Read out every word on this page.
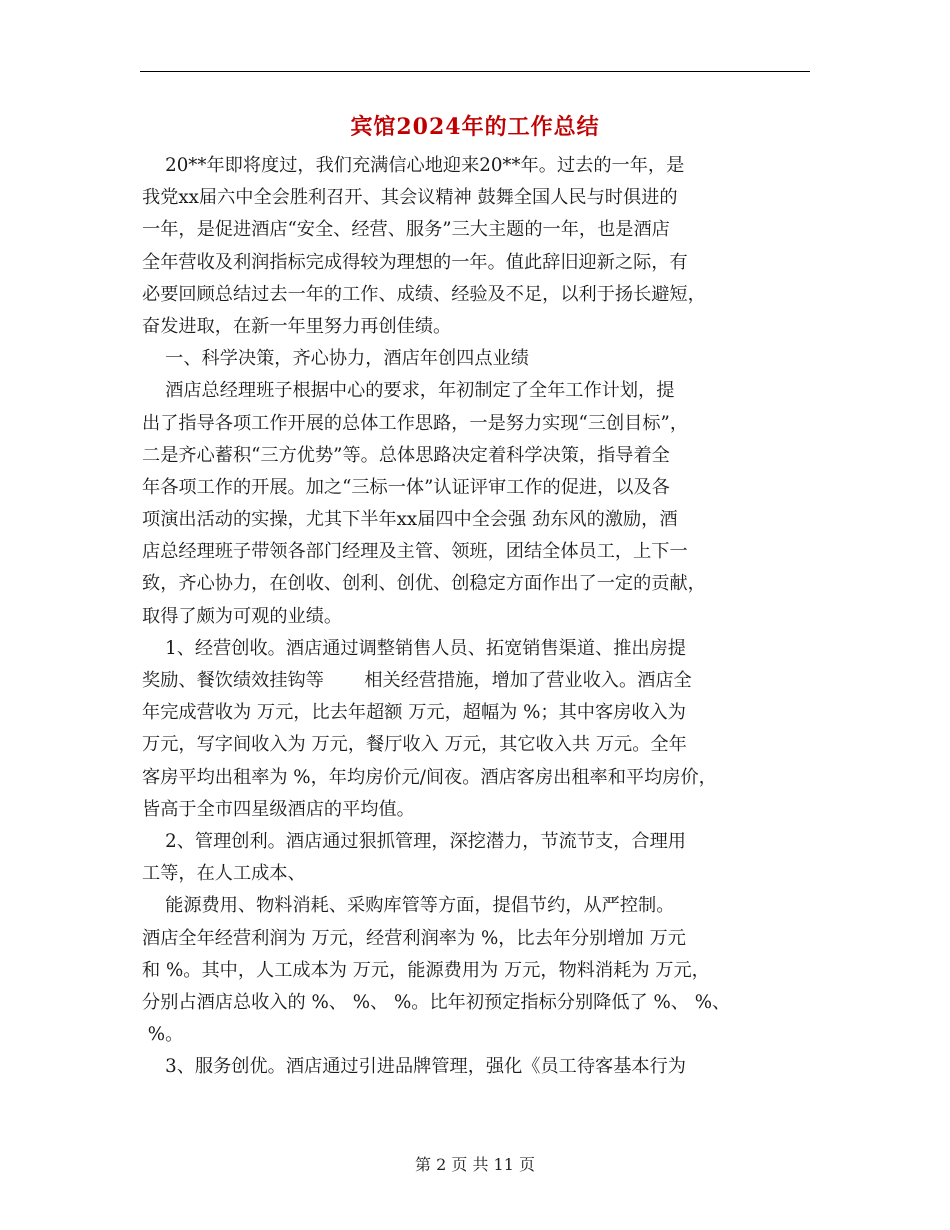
宾馆2024年的工作总结
20**年即将度过，我们充满信心地迎来20**年。过去的一年，是
我党xx届六中全会胜利召开、其会议精神 鼓舞全国人民与时俱进的
一年，是促进酒店“安全、经营、服务”三大主题的一年，也是酒店
全年营收及利润指标完成得较为理想的一年。值此辞旧迎新之际，有
必要回顾总结过去一年的工作、成绩、经验及不足，以利于扬长避短，
奋发进取，在新一年里努力再创佳绩。
一、科学决策，齐心协力，酒店年创四点业绩
酒店总经理班子根据中心的要求，年初制定了全年工作计划，提
出了指导各项工作开展的总体工作思路，一是努力实现“三创目标”，
二是齐心蓄积“三方优势”等。总体思路决定着科学决策，指导着全
年各项工作的开展。加之“三标一体”认证评审工作的促进，以及各
项演出活动的实操，尤其下半年xx届四中全会强 劲东风的激励，酒
店总经理班子带领各部门经理及主管、领班，团结全体员工，上下一
致，齐心协力，在创收、创利、创优、创稳定方面作出了一定的贡献，
取得了颇为可观的业绩。
1、经营创收。酒店通过调整销售人员、拓宽销售渠道、推出房提
奖励、餐饮绩效挂钩等       相关经营措施，增加了营业收入。酒店全
年完成营收为 万元，比去年超额 万元，超幅为 %；其中客房收入为
万元，写字间收入为 万元，餐厅收入 万元，其它收入共 万元。全年
客房平均出租率为 %，年均房价元/间夜。酒店客房出租率和平均房价，
皆高于全市四星级酒店的平均值。
2、管理创利。酒店通过狠抓管理，深挖潜力，节流节支，合理用
工等，在人工成本、
能源费用、物料消耗、采购库管等方面，提倡节约，从严控制。
酒店全年经营利润为 万元，经营利润率为 %，比去年分别增加 万元
和 %。其中，人工成本为 万元，能源费用为 万元，物料消耗为 万元，
分别占酒店总收入的 %、 %、 %。比年初预定指标分别降低了 %、 %、
%。
3、服务创优。酒店通过引进品牌管理，强化《员工待客基本行为
第 2 页 共 11 页
